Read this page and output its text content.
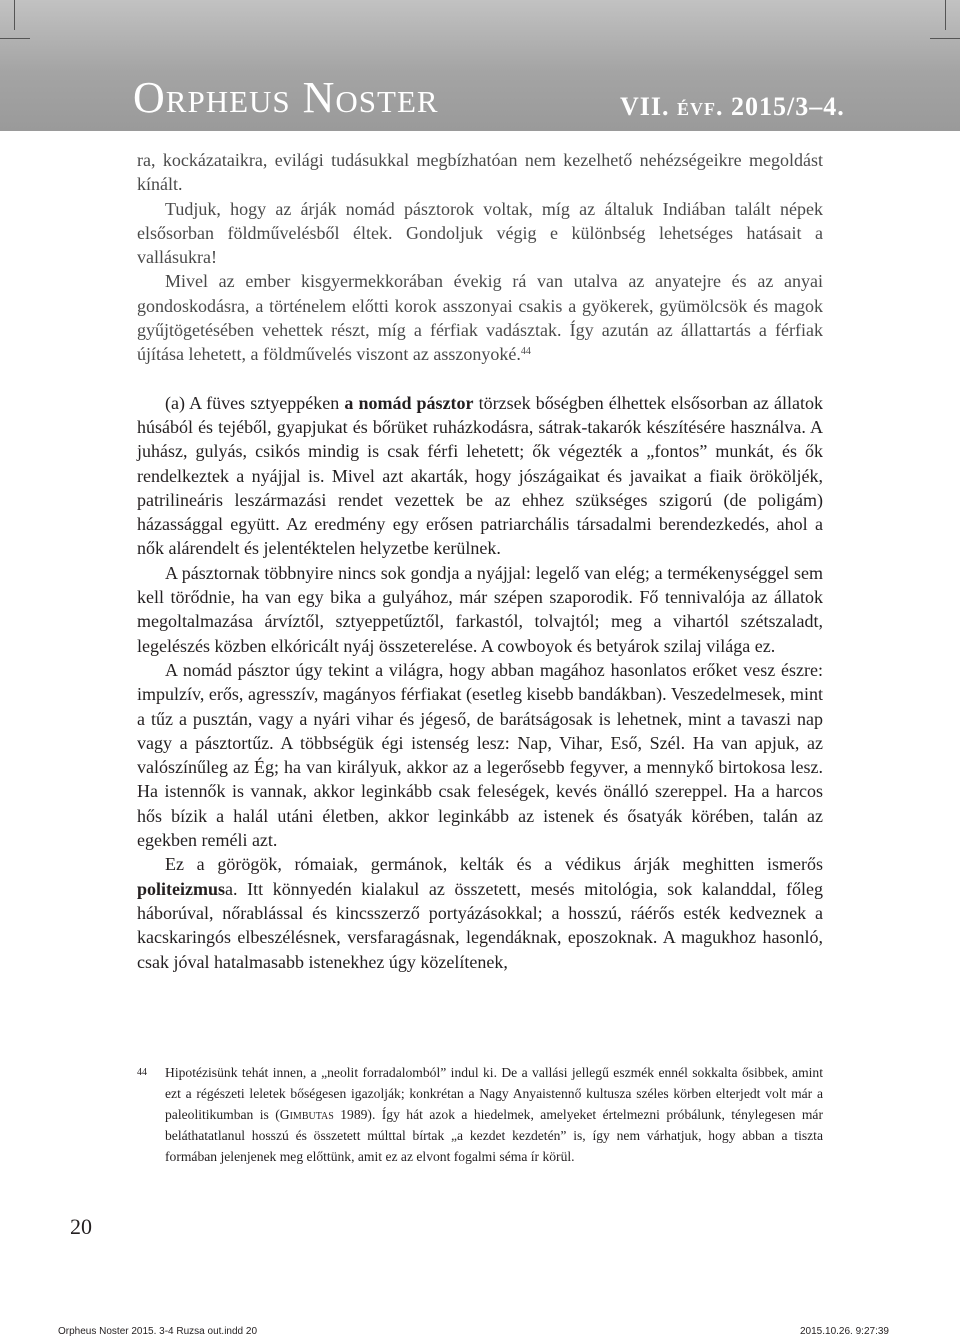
Orpheus Noster	VII. évf. 2015/3–4.

ra, kockázataikra, evilági tudásukkal megbízhatóan nem kezelhető nehézségeikre megoldást kínált.

Tudjuk, hogy az árják nomád pásztorok voltak, míg az általuk Indiában talált népek elsősorban földművelésből éltek. Gondoljuk végig e különbség lehetséges hatásait a vallásukra!

Mivel az ember kisgyermekkorában évekig rá van utalva az anyatejre és az anyai gondoskodásra, a történelem előtti korok asszonyai csakis a gyökerek, gyümölcsök és magok gyűjtögetésében vehettek részt, míg a férfiak vadásztak. Így azután az állattartás a férfiak újítása lehetett, a földművelés viszont az asszonyoké.$^{44}$

(a) A füves sztyeppéken a nomád pásztor törzsek bőségben élhettek elsősorban az állatok húsából és tejéből, gyapjukat és bőrüket ruházkodásra, sátrak-takarók készítésére használva. A juhász, gulyás, csikós mindig is csak férfi lehetett; ők végezték a „fontos” munkát, és ők rendelkeztek a nyájjal is. Mivel azt akarták, hogy jószágaikat és javaikat a fiaik örököljék, patrilineáris leszármazási rendet vezettek be az ehhez szükséges szigorú (de poligám) házassággal együtt. Az eredmény egy erősen patriarchális társadalmi berendezkedés, ahol a nők alárendelt és jelentéktelen helyzetbe kerülnek.

A pásztornak többnyire nincs sok gondja a nyájjal: legelő van elég; a termékenységgel sem kell törődnie, ha van egy bika a gulyához, már szépen szaporodik. Fő tennivalója az állatok megoltalmazása árvíztől, sztyeppetűztől, farkastól, tolvajtól; meg a vihartól szétszaladt, legelészés közben elkóricált nyáj összeterelése. A cowboyok és betyárok szilaj világa ez.

A nomád pásztor úgy tekint a világra, hogy abban magához hasonlatos erőket vesz észre: impulzív, erős, agresszív, magányos férfiakat (esetleg kisebb bandákban). Veszedelmesek, mint a tűz a pusztán, vagy a nyári vihar és jégeső, de barátságosak is lehetnek, mint a tavaszi nap vagy a pásztortűz. A többségük égi istenség lesz: Nap, Vihar, Eső, Szél. Ha van apjuk, az valószínűleg az Ég; ha van királyuk, akkor az a legerősebb fegyver, a mennykő birtokosa lesz. Ha istennők is vannak, akkor leginkább csak feleségek, kevés önálló szereppel. Ha a harcos hős bízik a halál utáni életben, akkor leginkább az istenek és ősatyák körében, talán az egekben reméli azt.

Ez a görögök, rómaiak, germánok, kelták és a védikus árják meghitten ismerős politeizmusa. Itt könnyedén kialakul az összetett, mesés mitológia, sok kalanddal, főleg háborúval, nőrablással és kincsszerző portyázásokkal; a hosszú, ráérős esték kedveznek a kacskaringós elbeszélésnek, versfaragásnak, legendáknak, eposzoknak. A magukhoz hasonló, csak jóval hatalmasabb istenekhez úgy közelítenek,

44 Hipotézisünk tehát innen, a „neolit forradalomból” indul ki. De a vallási jellegű eszmék ennél sokkalta ősibbek, amint ezt a régészeti leletek bőségesen igazolják; konkrétan a Nagy Anyaistennő kultusza széles körben elterjedt volt már a paleolitikumban is (Gimbutas 1989). Így hát azok a hiedelmek, amelyeket értelmezni próbálunk, ténylegesen már beláthatatlanul hosszú és összetett múlttal bírtak „a kezdet kezdetén” is, így nem várhatjuk, hogy abban a tiszta formában jelenjenek meg előttünk, amit ez az elvont fogalmi séma ír körül.
20
Orpheus Noster 2015. 3-4 Ruzsa out.indd 20	2015.10.26. 9:27:39
